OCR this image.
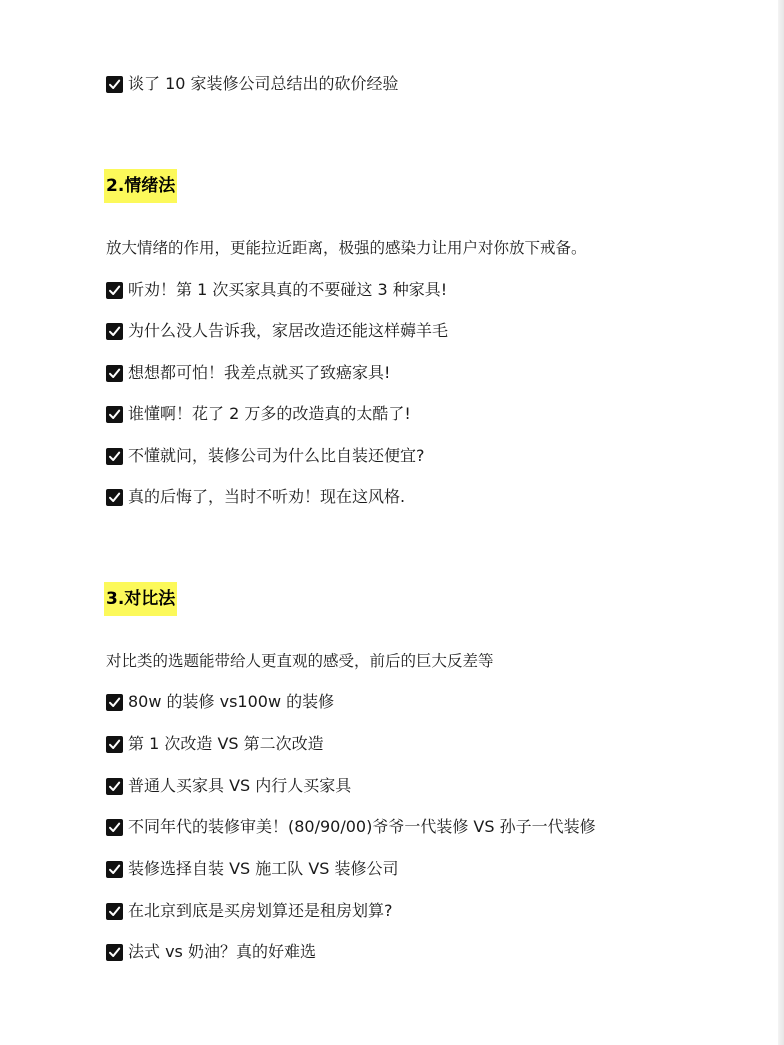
谈了 10 家装修公司总结出的砍价经验
2.情绪法
放大情绪的作用，更能拉近距离，极强的感染力让用户对你放下戒备。
听劝！第 1 次买家具真的不要碰这 3 种家具!
为什么没人告诉我，家居改造还能这样薅羊毛
想想都可怕！我差点就买了致癌家具!
谁懂啊！花了 2 万多的改造真的太酷了!
不懂就问，装修公司为什么比自装还便宜?
真的后悔了，当时不听劝！现在这风格.
3.对比法
对比类的选题能带给人更直观的感受，前后的巨大反差等
80w 的装修 vs100w 的装修
第 1 次改造 VS 第二次改造
普通人买家具 VS 内行人买家具
不同年代的装修审美！(80/90/00)爷爷一代装修 VS 孙子一代装修
装修选择自装 VS 施工队 VS 装修公司
在北京到底是买房划算还是租房划算?
法式 vs 奶油？真的好难选
